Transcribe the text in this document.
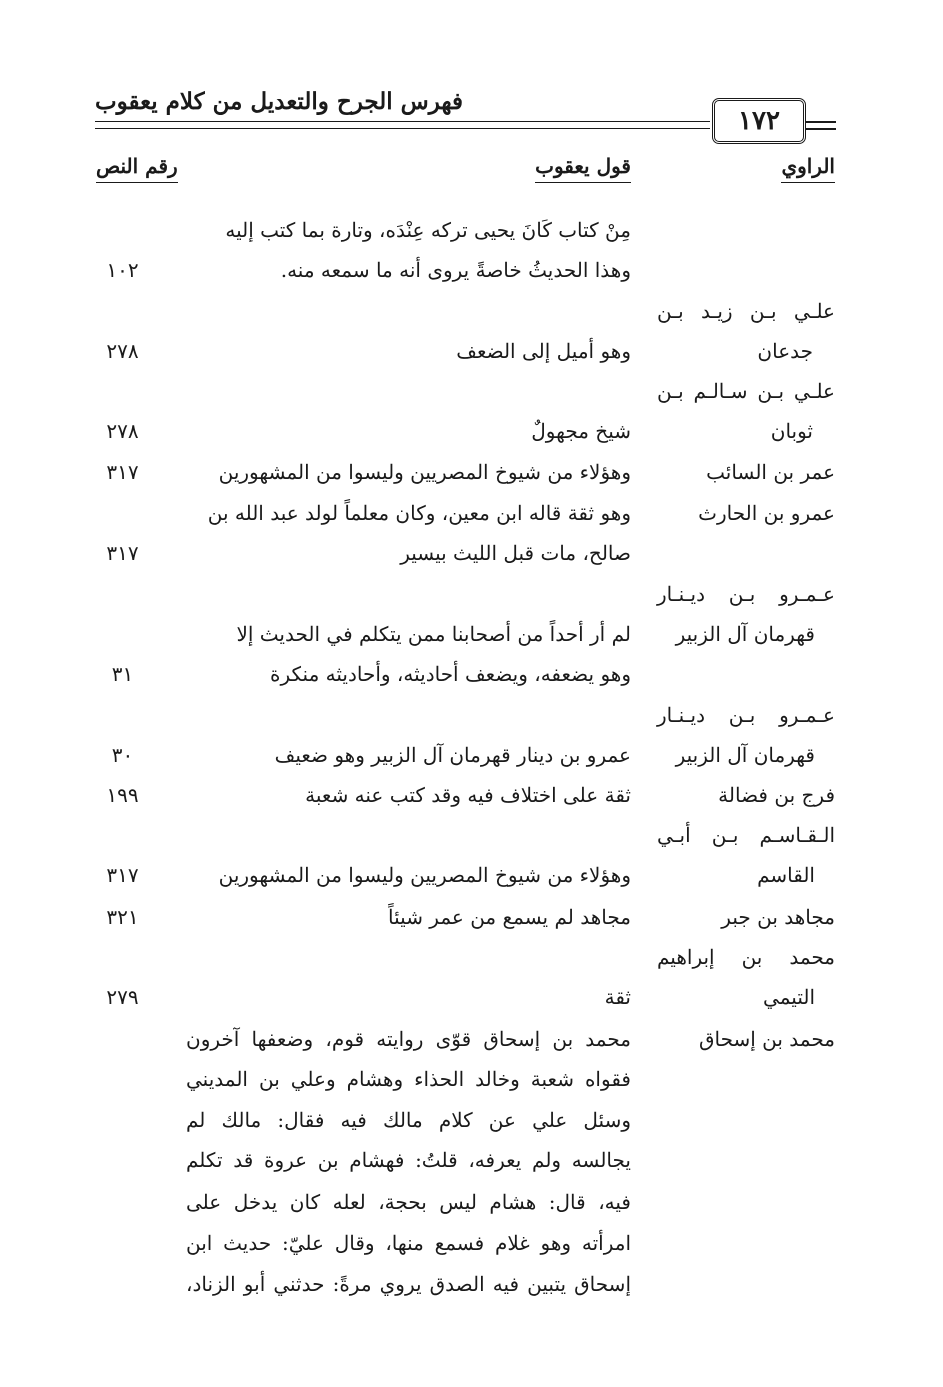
فهرس الجرح والتعديل من كلام يعقوب
١٧٢
الراوي
قول يعقوب
رقم النص
مِنْ كتاب كَانَ يحيى تركه عِنْدَه، وتارة بما كتب إليه
وهذا الحديثُ خاصةً يروى أنه ما سمعه منه.
١٠٢
علـي بـن زيـد بـن
جدعان
وهو أميل إلى الضعف
٢٧٨
علـي بـن سـالـم بـن
ثوبان
شيخ مجهولٌ
٢٧٨
عمر بن السائب
وهؤلاء من شيوخ المصريين وليسوا من المشهورين
٣١٧
عمرو بن الحارث
وهو ثقة قاله ابن معين، وكان معلماً لولد عبد الله بن
صالح، مات قبل الليث بيسير
٣١٧
عـمـرو بـن ديـنـار
قهرمان آل الزبير
لم أر أحداً من أصحابنا ممن يتكلم في الحديث إلا
وهو يضعفه، ويضعف أحاديثه، وأحاديثه منكرة
٣١
عـمـرو بـن ديـنـار
قهرمان آل الزبير
عمرو بن دينار قهرمان آل الزبير وهو ضعيف
٣٠
فرج بن فضالة
ثقة على اختلاف فيه وقد كتب عنه شعبة
١٩٩
الـقـاسـم بـن أبـي
القاسم
وهؤلاء من شيوخ المصريين وليسوا من المشهورين
٣١٧
مجاهد بن جبر
مجاهد لم يسمع من عمر شيئاً
٣٢١
محمد بن إبراهيم
التيمي
ثقة
٢٧٩
محمد بن إسحاق
محمد بن إسحاق قوّى روايته قوم، وضعفها آخرون
فقواه شعبة وخالد الحذاء وهشام وعلي بن المديني
وسئل علي عن كلام مالك فيه فقال: مالك لم
يجالسه ولم يعرفه، قلتُ: فهشام بن عروة قد تكلم
فيه، قال: هشام ليس بحجة، لعله كان يدخل على
امرأته وهو غلام فسمع منها، وقال عليّ: حديث ابن
إسحاق يتبين فيه الصدق يروي مرةً: حدثني أبو الزناد،
